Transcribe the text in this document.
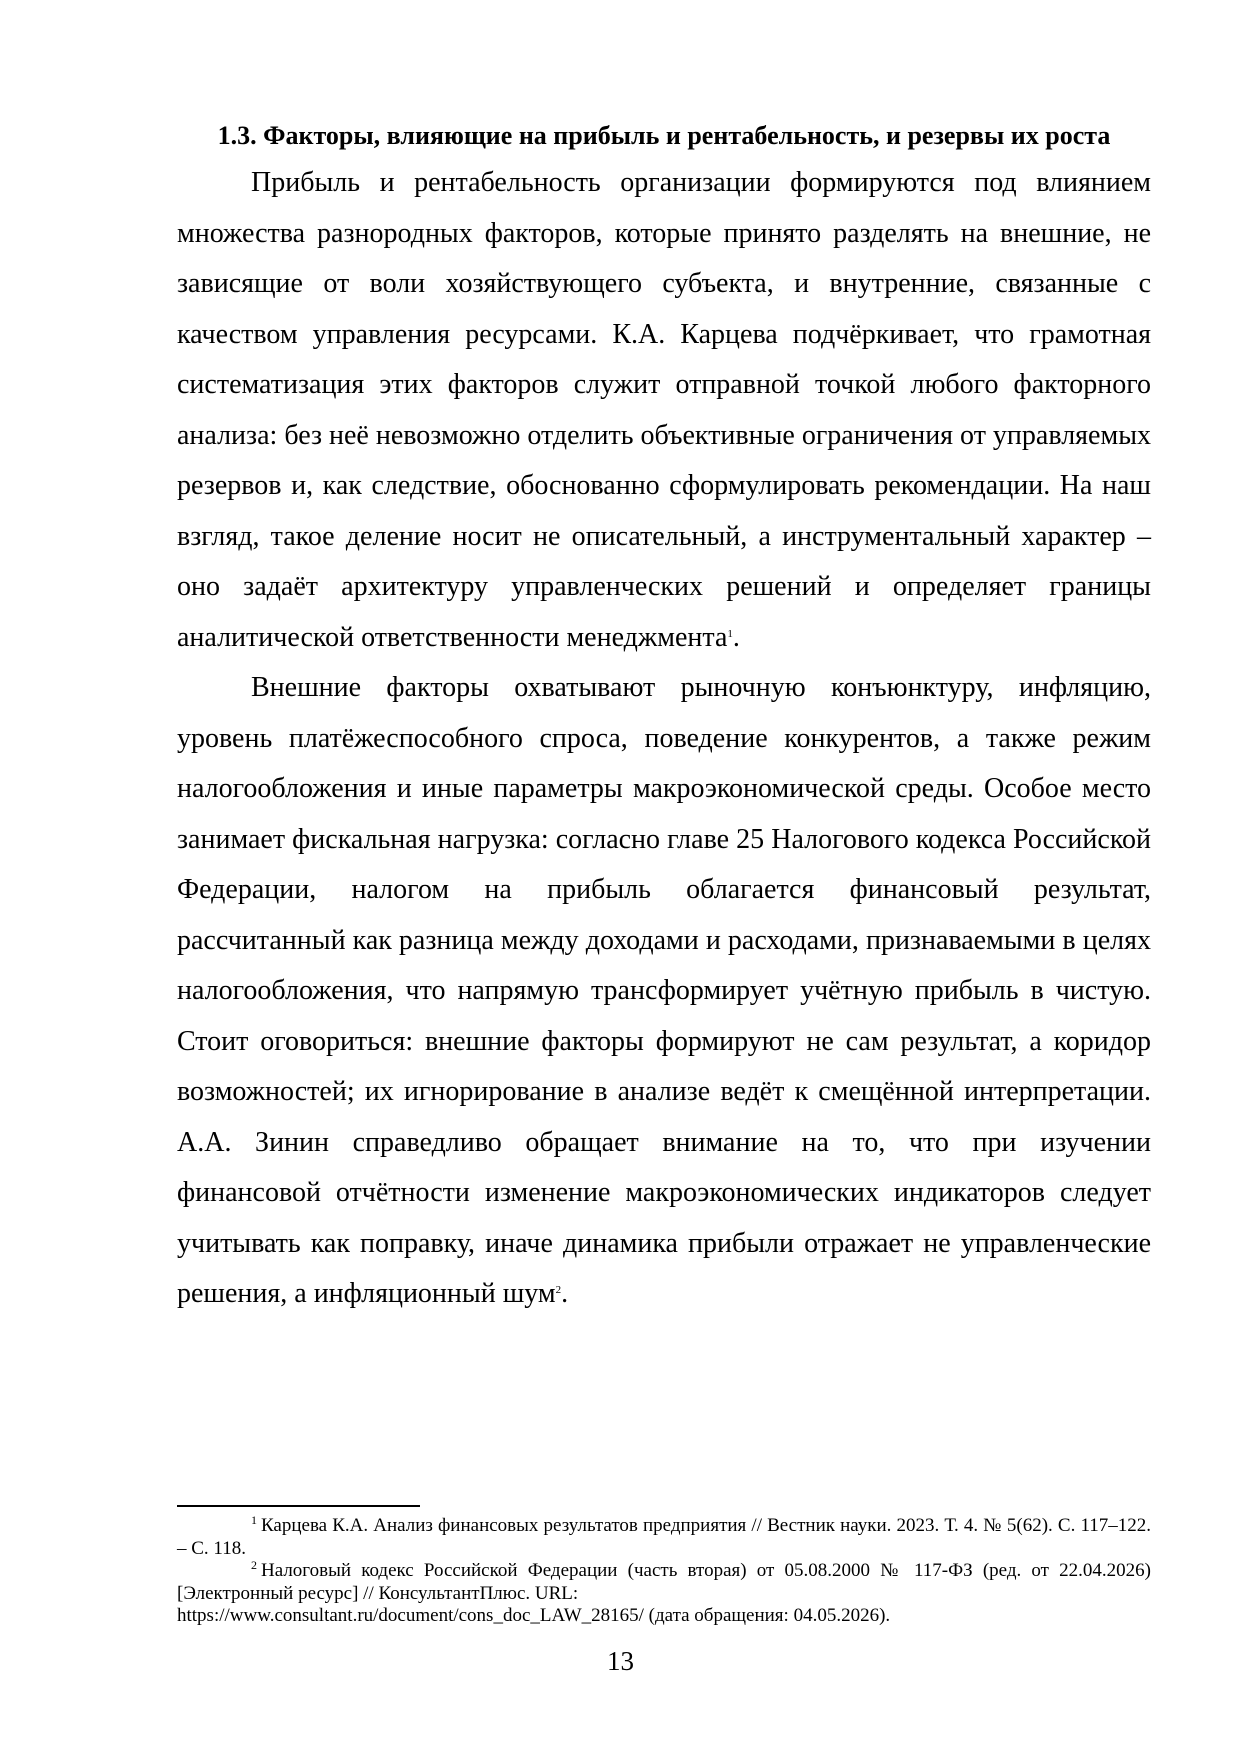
1.3. Факторы, влияющие на прибыль и рентабельность, и резервы их роста

Прибыль и рентабельность организации формируются под влиянием множества разнородных факторов, которые принято разделять на внешние, не зависящие от воли хозяйствующего субъекта, и внутренние, связанные с качеством управления ресурсами. К.А. Карцева подчёркивает, что грамотная систематизация этих факторов служит отправной точкой любого факторного анализа: без неё невозможно отделить объективные ограничения от управляемых резервов и, как следствие, обоснованно сформулировать рекомендации. На наш взгляд, такое деление носит не описательный, а инструментальный характер – оно задаёт архитектуру управленческих решений и определяет границы аналитической ответственности менеджмента$^1$.

Внешние факторы охватывают рыночную конъюнктуру, инфляцию, уровень платёжеспособного спроса, поведение конкурентов, а также режим налогообложения и иные параметры макроэкономической среды. Особое место занимает фискальная нагрузка: согласно главе 25 Налогового кодекса Российской Федерации, налогом на прибыль облагается финансовый результат, рассчитанный как разница между доходами и расходами, признаваемыми в целях налогообложения, что напрямую трансформирует учётную прибыль в чистую. Стоит оговориться: внешние факторы формируют не сам результат, а коридор возможностей; их игнорирование в анализе ведёт к смещённой интерпретации. А.А. Зинин справедливо обращает внимание на то, что при изучении финансовой отчётности изменение макроэкономических индикаторов следует учитывать как поправку, иначе динамика прибыли отражает не управленческие решения, а инфляционный шум$^2$.

$^1$ Карцева К.А. Анализ финансовых результатов предприятия // Вестник науки. 2023. Т. 4. № 5(62). С. 117–122. – С. 118.

$^2$ Налоговый кодекс Российской Федерации (часть вторая) от 05.08.2000 № 117-ФЗ (ред. от 22.04.2026) [Электронный ресурс] // КонсультантПлюс. URL:

https://www.consultant.ru/document/cons_doc_LAW_28165/ (дата обращения: 04.05.2026).

13
